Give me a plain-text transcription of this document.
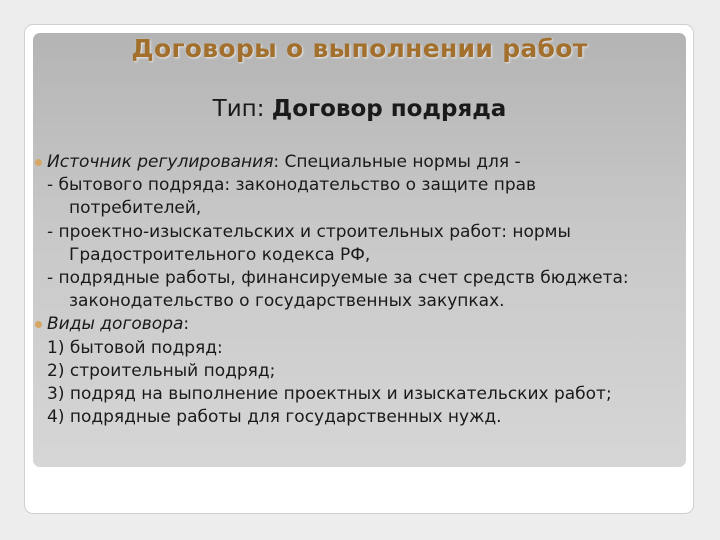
Договоры о выполнении работ
Тип: Договор подряда
Источник регулирования: Специальные нормы для -
- бытового подряда: законодательство о защите прав
потребителей,
- проектно-изыскательских и строительных работ: нормы
Градостроительного кодекса РФ,
- подрядные работы, финансируемые за счет средств бюджета:
законодательство о государственных закупках.
Виды договора:
1) бытовой подряд:
2) строительный подряд;
3) подряд на выполнение проектных и изыскательских работ;
4) подрядные работы для государственных нужд.
